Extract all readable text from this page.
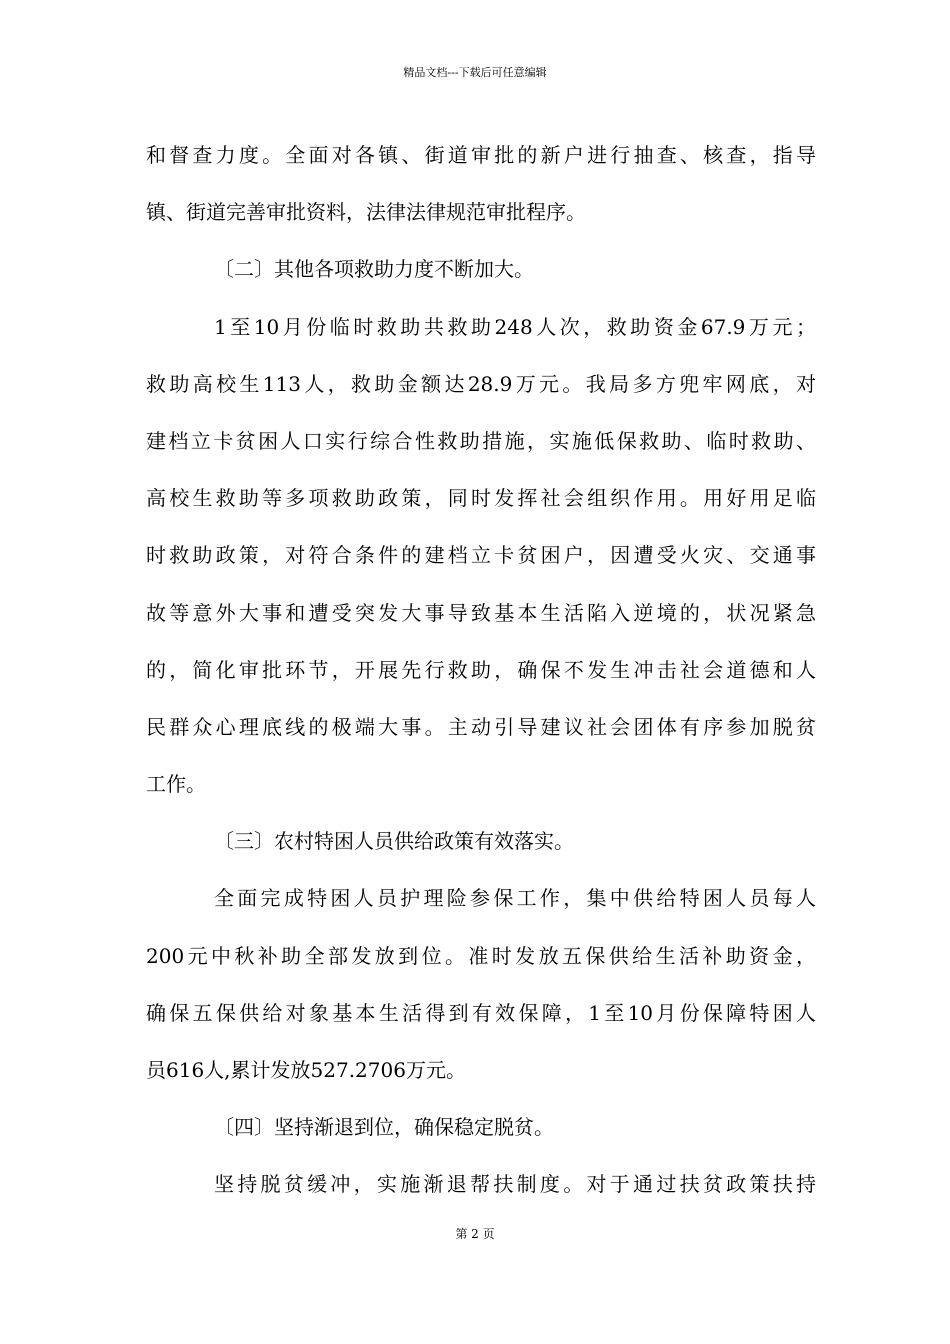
精品文档---下载后可任意编辑
和督查力度。全面对各镇、街道审批的新户进行抽查、核查，指导
镇、街道完善审批资料，法律法律规范审批程序。
〔二〕其他各项救助力度不断加大。
1至10月份临时救助共救助248人次，救助资金67.9万元；
救助高校生113人，救助金额达28.9万元。我局多方兜牢网底，对
建档立卡贫困人口实行综合性救助措施，实施低保救助、临时救助、
高校生救助等多项救助政策，同时发挥社会组织作用。用好用足临
时救助政策，对符合条件的建档立卡贫困户，因遭受火灾、交通事
故等意外大事和遭受突发大事导致基本生活陷入逆境的，状况紧急
的，简化审批环节，开展先行救助，确保不发生冲击社会道德和人
民群众心理底线的极端大事。主动引导建议社会团体有序参加脱贫
工作。
〔三〕农村特困人员供给政策有效落实。
全面完成特困人员护理险参保工作，集中供给特困人员每人
200元中秋补助全部发放到位。准时发放五保供给生活补助资金，
确保五保供给对象基本生活得到有效保障，1至10月份保障特困人
员616人,累计发放527.2706万元。
〔四〕坚持渐退到位，确保稳定脱贫。
坚持脱贫缓冲，实施渐退帮扶制度。对于通过扶贫政策扶持
第 2 页
